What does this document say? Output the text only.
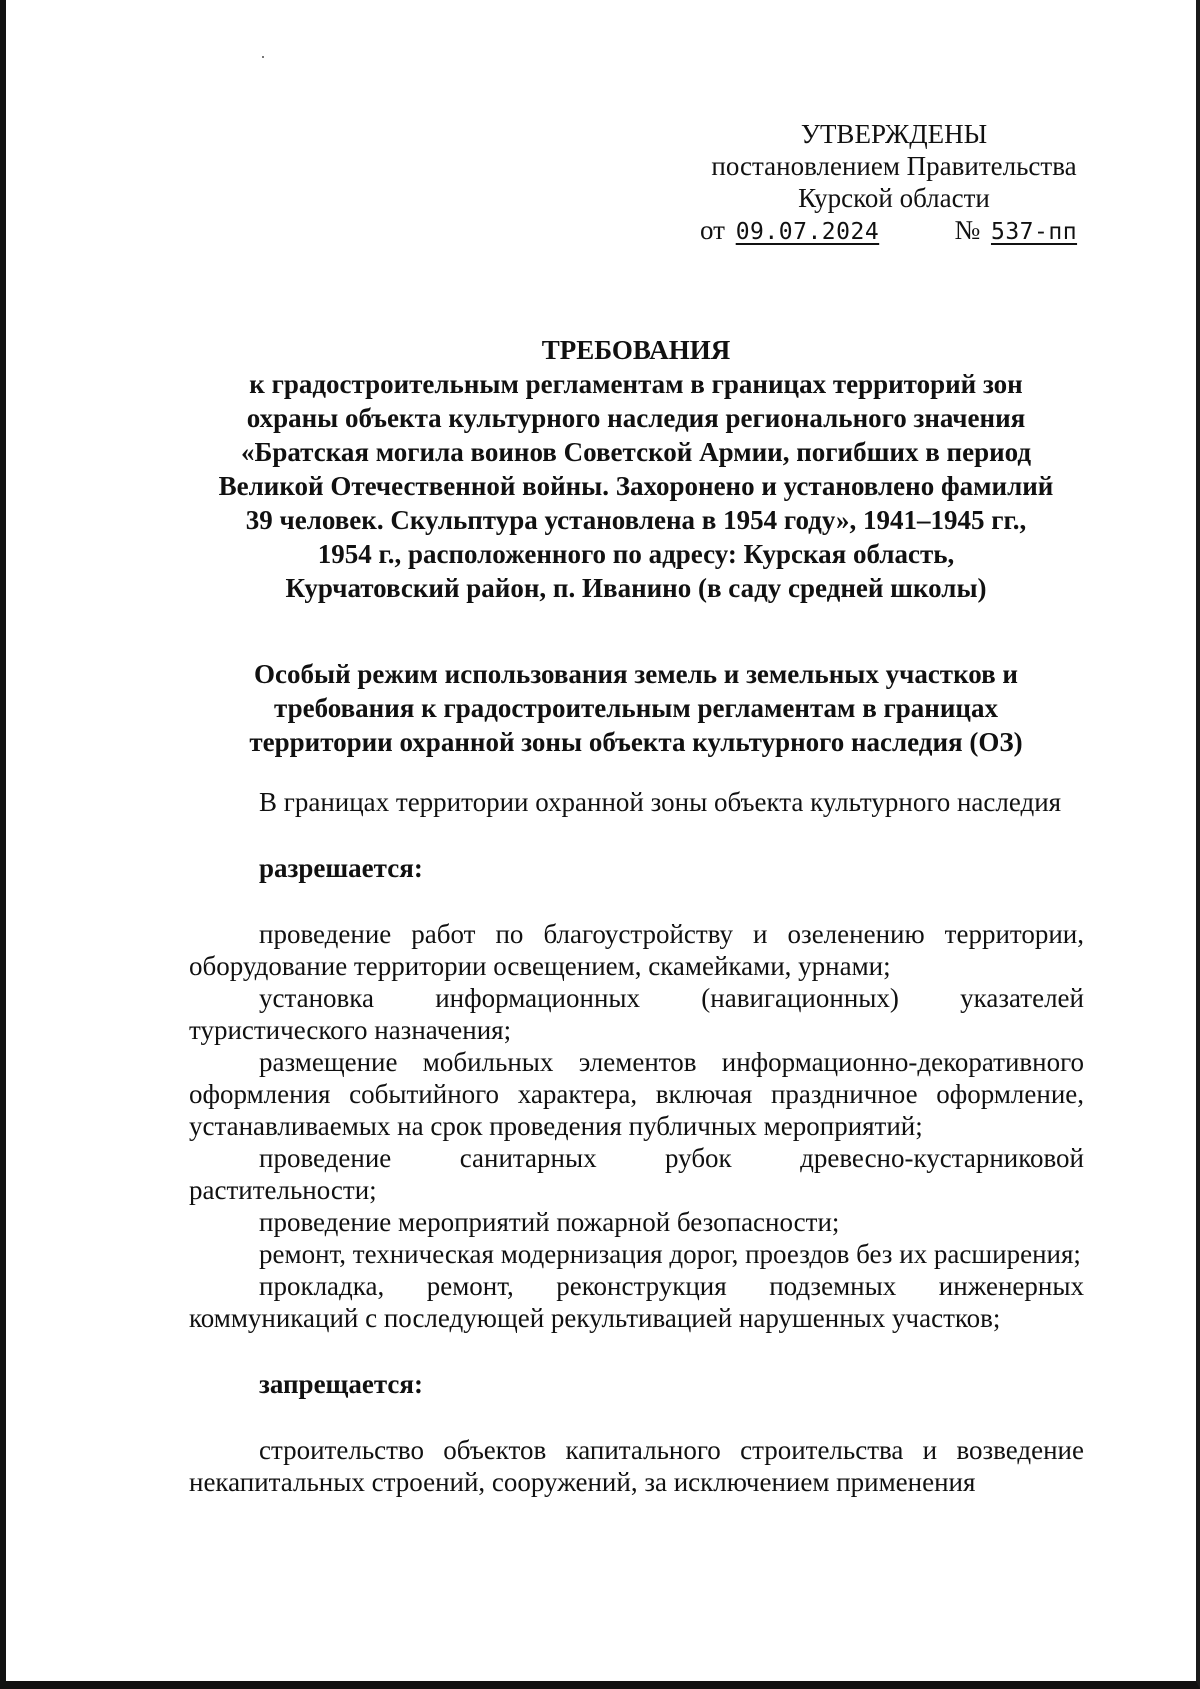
УТВЕРЖДЕНЫ
постановлением Правительства
Курской области
от 09.07.2024	№ 537-пп
ТРЕБОВАНИЯ
к градостроительным регламентам в границах территорий зон
охраны объекта культурного наследия регионального значения
«Братская могила воинов Советской Армии, погибших в период
Великой Отечественной войны. Захоронено и установлено фамилий
39 человек. Скульптура установлена в 1954 году», 1941–1945 гг.,
1954 г., расположенного по адресу: Курская область,
Курчатовский район, п. Иванино (в саду средней школы)
Особый режим использования земель и земельных участков и
требования к градостроительным регламентам в границах
территории охранной зоны объекта культурного наследия (ОЗ)

В границах территории охранной зоны объекта культурного наследия

разрешается:

проведение работ по благоустройству и озеленению территории, оборудование территории освещением, скамейками, урнами;

установка информационных (навигационных) указателей туристического назначения;

размещение мобильных элементов информационно-декоративного оформления событийного характера, включая праздничное оформление, устанавливаемых на срок проведения публичных мероприятий;

проведение санитарных рубок древесно-кустарниковой растительности;

проведение мероприятий пожарной безопасности;

ремонт, техническая модернизация дорог, проездов без их расширения;

прокладка, ремонт, реконструкция подземных инженерных коммуникаций с последующей рекультивацией нарушенных участков;

запрещается:

строительство объектов капитального строительства и возведение некапитальных строений, сооружений, за исключением применения
